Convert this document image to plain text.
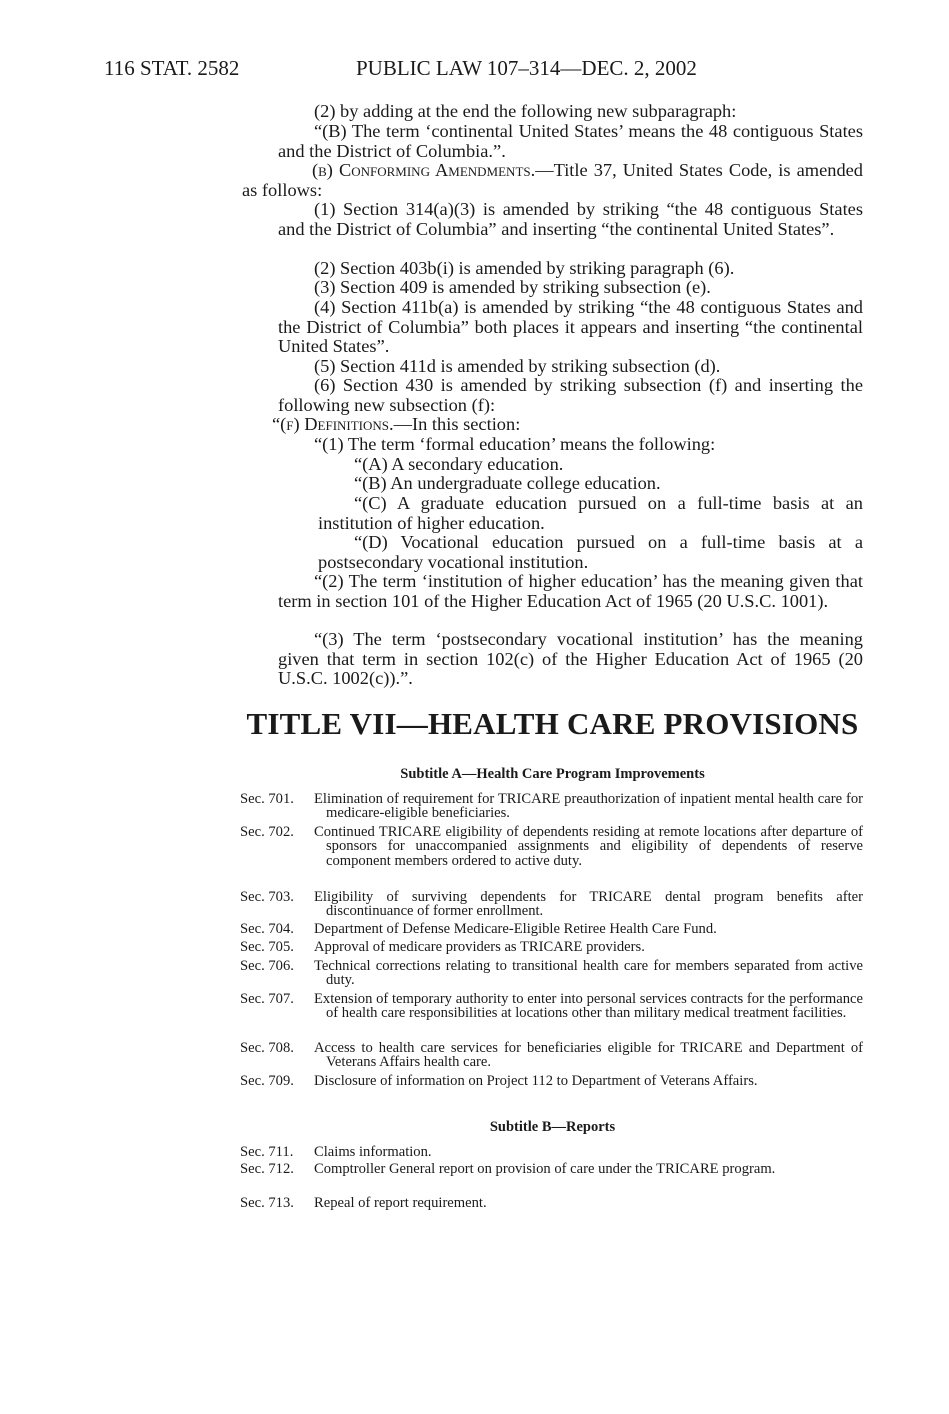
116 STAT. 2582	PUBLIC LAW 107–314—DEC. 2, 2002
(2) by adding at the end the following new subparagraph:
“(B) The term ‘continental United States’ means the 48 contiguous States and the District of Columbia.”.
(b) Conforming Amendments.—Title 37, United States Code, is amended as follows:
(1) Section 314(a)(3) is amended by striking “the 48 contiguous States and the District of Columbia” and inserting “the continental United States”.
(2) Section 403b(i) is amended by striking paragraph (6).
(3) Section 409 is amended by striking subsection (e).
(4) Section 411b(a) is amended by striking “the 48 contiguous States and the District of Columbia” both places it appears and inserting “the continental United States”.
(5) Section 411d is amended by striking subsection (d).
(6) Section 430 is amended by striking subsection (f) and inserting the following new subsection (f):
“(f) Definitions.—In this section:
“(1) The term ‘formal education’ means the following:
“(A) A secondary education.
“(B) An undergraduate college education.
“(C) A graduate education pursued on a full-time basis at an institution of higher education.
“(D) Vocational education pursued on a full-time basis at a postsecondary vocational institution.
“(2) The term ‘institution of higher education’ has the meaning given that term in section 101 of the Higher Education Act of 1965 (20 U.S.C. 1001).
“(3) The term ‘postsecondary vocational institution’ has the meaning given that term in section 102(c) of the Higher Education Act of 1965 (20 U.S.C. 1002(c)).”.
TITLE VII—HEALTH CARE PROVISIONS
Subtitle A—Health Care Program Improvements
Sec. 701.	Elimination of requirement for TRICARE preauthorization of inpatient mental health care for medicare-eligible beneficiaries.
Sec. 702.	Continued TRICARE eligibility of dependents residing at remote locations after departure of sponsors for unaccompanied assignments and eligibility of dependents of reserve component members ordered to active duty.
Sec. 703.	Eligibility of surviving dependents for TRICARE dental program benefits after discontinuance of former enrollment.
Sec. 704.	Department of Defense Medicare-Eligible Retiree Health Care Fund.
Sec. 705.	Approval of medicare providers as TRICARE providers.
Sec. 706.	Technical corrections relating to transitional health care for members separated from active duty.
Sec. 707.	Extension of temporary authority to enter into personal services contracts for the performance of health care responsibilities at locations other than military medical treatment facilities.
Sec. 708.	Access to health care services for beneficiaries eligible for TRICARE and Department of Veterans Affairs health care.
Sec. 709.	Disclosure of information on Project 112 to Department of Veterans Affairs.
Subtitle B—Reports
Sec. 711.	Claims information.
Sec. 712.	Comptroller General report on provision of care under the TRICARE program.
Sec. 713.	Repeal of report requirement.
